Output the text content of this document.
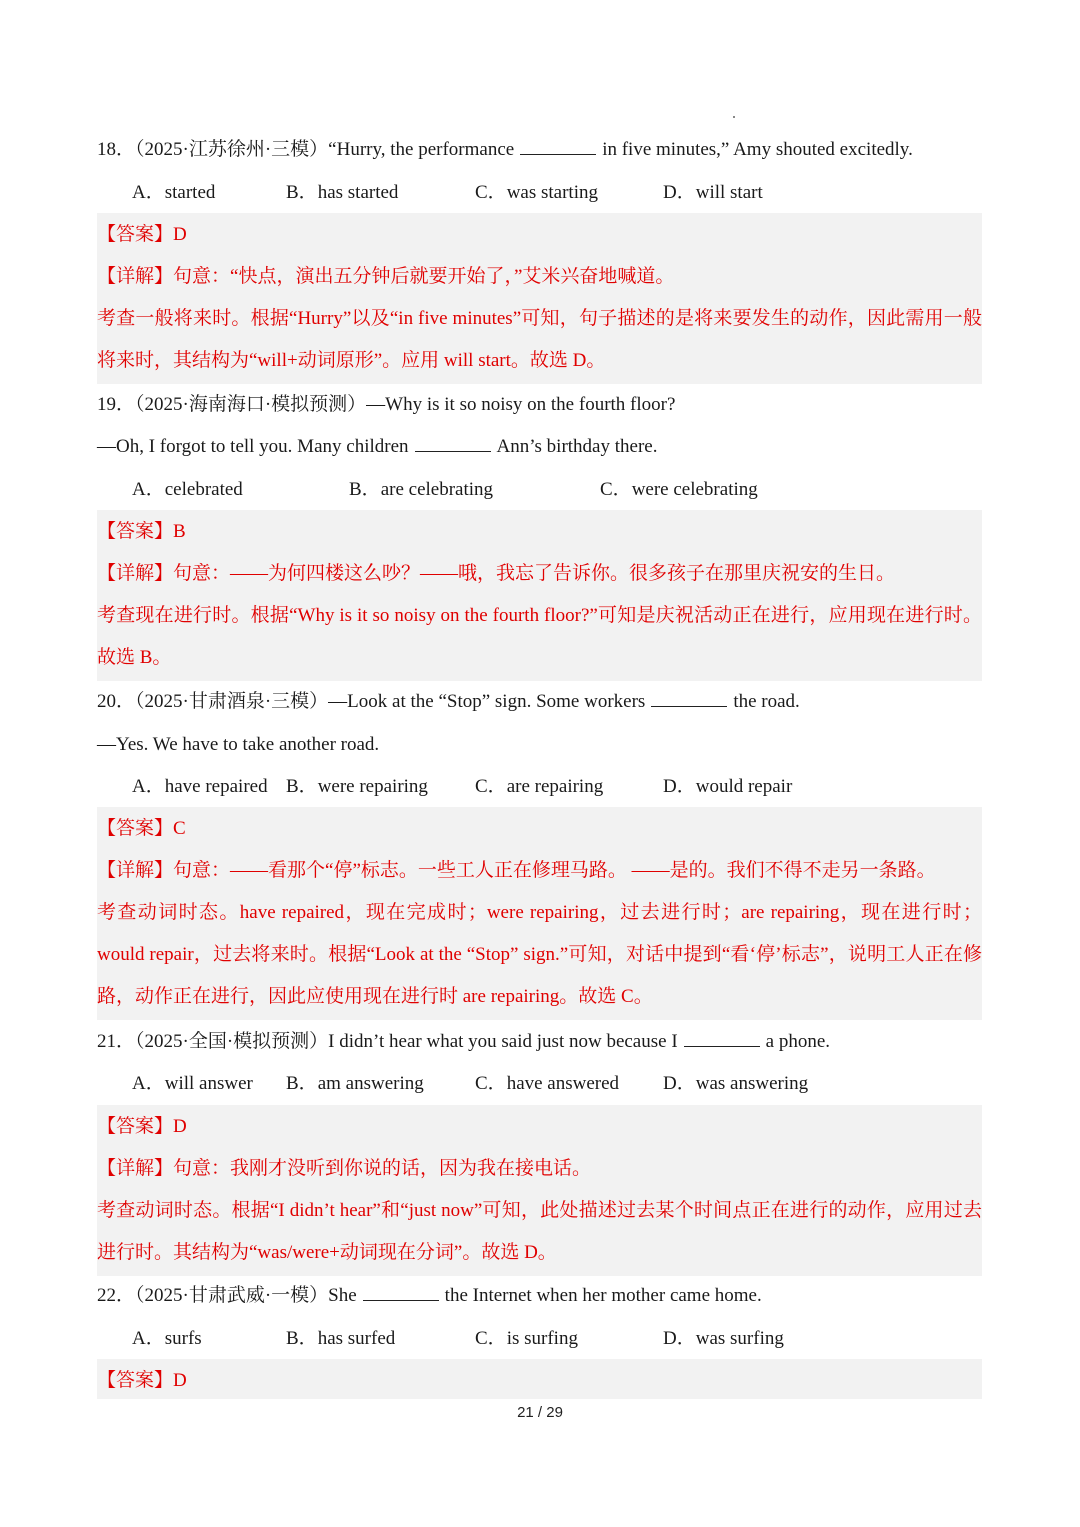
18．（2025·江苏徐州·三模）“Hurry, the performance	in five minutes,” Amy shouted excitedly.
A．started	B．has started	C．was starting	D．will start
【答案】D
【详解】句意：“快点，演出五分钟后就要开始了，”艾米兴奋地喊道。
考查一般将来时。根据“Hurry”以及“in five minutes”可知，句子描述的是将来要发生的动作，因此需用一般将来时，其结构为“will+动词原形”。应用 will start。故选 D。
19．（2025·海南海口·模拟预测）—Why is it so noisy on the fourth floor?
—Oh, I forgot to tell you. Many children	Ann’s birthday there.
A．celebrated	B．are celebrating	C．were celebrating
【答案】B
【详解】句意：——为何四楼这么吵？——哦，我忘了告诉你。很多孩子在那里庆祝安的生日。
考查现在进行时。根据“Why is it so noisy on the fourth floor?”可知是庆祝活动正在进行，应用现在进行时。故选 B。
20．（2025·甘肃酒泉·三模）—Look at the “Stop” sign. Some workers	the road.
—Yes. We have to take another road.
A．have repaired B．were repairing C．are repairing	D．would repair
【答案】C
【详解】句意：——看那个“停”标志。一些工人正在修理马路。 ——是的。我们不得不走另一条路。
考查动词时态。have repaired，现在完成时；were repairing，过去进行时；are repairing，现在进行时；would repair，过去将来时。根据“Look at the “Stop” sign.”可知，对话中提到“看‘停’标志”，说明工人正在修路，动作正在进行，因此应使用现在进行时 are repairing。故选 C。
21．（2025·全国·模拟预测）I didn’t hear what you said just now because I	a phone.
A．will answer B．am answering	C．have answered D．was answering
【答案】D
【详解】句意：我刚才没听到你说的话，因为我在接电话。
考查动词时态。根据“I didn’t hear”和“just now”可知，此处描述过去某个时间点正在进行的动作，应用过去进行时。其结构为“was/were+动词现在分词”。故选 D。
22．（2025·甘肃武威·一模）She	the Internet when her mother came home.
A．surfs	B．has surfed	C．is surfing	D．was surfing
【答案】D
21 / 29
